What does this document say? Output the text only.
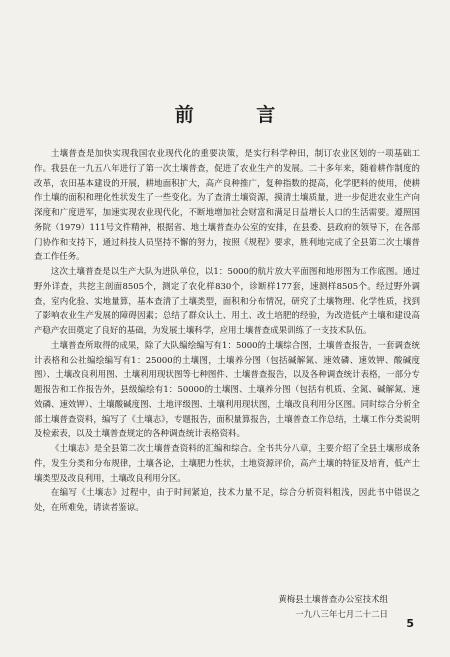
前 言

土壤普查是加快实现我国农业现代化的重要决策，是实行科学种田，制订农业区划的一项基础工作。我县在一九五八年进行了第一次土壤普查，促进了农业生产的发展。二十多年来，随着耕作制度的改革，农田基本建设的开展，耕地面积扩大，高产良种推广，复种指数的提高，化学肥料的使用，使耕作土壤的面积和理化性状发生了一些变化。为了查清土壤资源，摸清土壤质量，进一步促进农业生产向深度和广度进军，加速实现农业现代化，不断地增加社会财富和满足日益增长人口的生活需要。遵照国务院（1979）111号文件精神，根据省、地土壤普查办公室的安排，在县委、县政府的领导下，在各部门协作和支持下，通过科技人员坚持不懈的努力，按照《规程》要求，胜利地完成了全县第二次土壤普查工作任务。

这次土壤普查是以生产大队为进队单位，以1：5000的航片放大平面图和地形图为工作底图。通过野外详查，共挖主剖面8505个，测定了农化样830个，诊断样177套，速测样8505个。经过野外调查，室内化验、实地量算，基本查清了土壤类型，面积和分布情况，研究了土壤物理、化学性质，找到了影响农业生产发展的障碍因素；总结了群众认土、用土、改土培肥的经验，为改造低产土壤和建设高产稳产农田奠定了良好的基础，为发展土壤科学，应用土壤普查成果训练了一支技术队伍。

土壤普查所取得的成果，除了大队编绘编写有1：5000的土壤综合图，土壤普查报告，一套调查统计表格和公社编绘编写有1：25000的土壤图，土壤养分图（包括碱解氮、速效磷、速效钾、酸碱度图）、土壤改良利用图、土壤利用现状图等七种图件、土壤普查报告，以及各种调查统计表格，一部分专题报告和工作报告外，县级编绘有1：50000的土壤图、土壤养分图（包括有机质、全氮、碱解氮、速效磷、速效钾）、土壤酸碱度图、土地评级图、土壤利用现状图，土壤改良利用分区图。同时综合分析全部土壤普查资料，编写了《土壤志》，专题报告，面积量算报告，土壤普查工作总结，土壤工作分类说明及检索表，以及土壤普查规定的各种调查统计表格资料。

《土壤志》是全县第二次土壤普查资料的汇编和综合。全书共分八章，主要介绍了全县土壤形成条件，发生分类和分布规律，土壤各论，土壤肥力性状，土地资源评价，高产土壤的特征及培育，低产土壤类型及改良利用，土壤改良利用分区。

在编写《土壤志》过程中，由于时间紧迫，技术力量不足，综合分析资料粗浅，因此书中错误之处，在所难免，请读者鉴谅。

黄梅县土壤普查办公室技术组
一九八三年七月二十二日
5
